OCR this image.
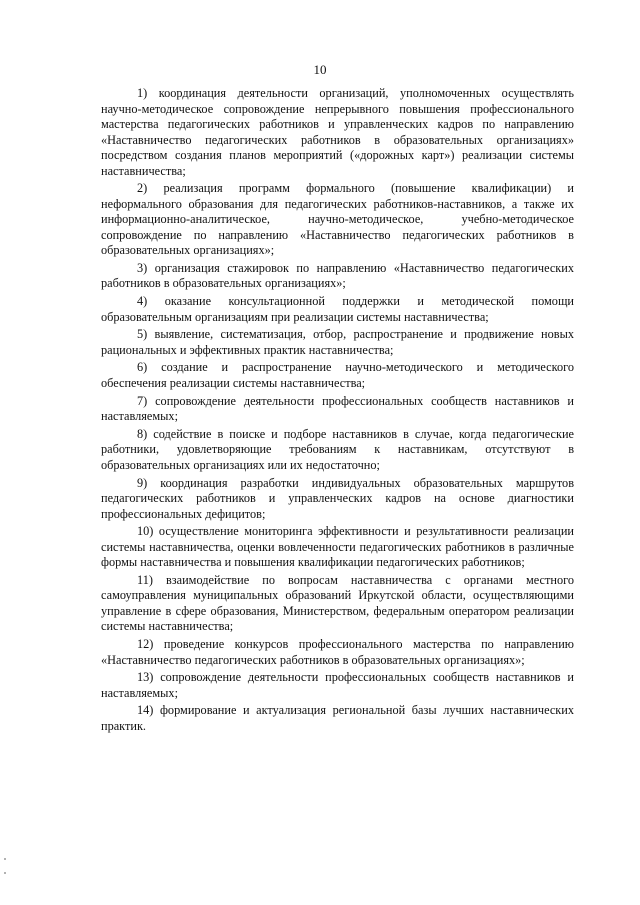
10

1) координация деятельности организаций, уполномоченных осуществлять научно-методическое сопровождение непрерывного повышения профессионального мастерства педагогических работников и управленческих кадров по направлению «Наставничество педагогических работников в образовательных организациях» посредством создания планов мероприятий («дорожных карт») реализации системы наставничества;

2) реализация программ формального (повышение квалификации) и неформального образования для педагогических работников-наставников, а также их информационно-аналитическое, научно-методическое, учебно-методическое сопровождение по направлению «Наставничество педагогических работников в образовательных организациях»;

3) организация стажировок по направлению «Наставничество педагогических работников в образовательных организациях»;

4) оказание консультационной поддержки и методической помощи образовательным организациям при реализации системы наставничества;

5) выявление, систематизация, отбор, распространение и продвижение новых рациональных и эффективных практик наставничества;

6) создание и распространение научно-методического и методического обеспечения реализации системы наставничества;

7) сопровождение деятельности профессиональных сообществ наставников и наставляемых;

8) содействие в поиске и подборе наставников в случае, когда педагогические работники, удовлетворяющие требованиям к наставникам, отсутствуют в образовательных организациях или их недостаточно;

9) координация разработки индивидуальных образовательных маршрутов педагогических работников и управленческих кадров на основе диагностики профессиональных дефицитов;

10) осуществление мониторинга эффективности и результативности реализации системы наставничества, оценки вовлеченности педагогических работников в различные формы наставничества и повышения квалификации педагогических работников;

11) взаимодействие по вопросам наставничества с органами местного самоуправления муниципальных образований Иркутской области, осуществляющими управление в сфере образования, Министерством, федеральным оператором реализации системы наставничества;

12) проведение конкурсов профессионального мастерства по направлению «Наставничество педагогических работников в образовательных организациях»;

13) сопровождение деятельности профессиональных сообществ наставников и наставляемых;

14) формирование и актуализация региональной базы лучших наставнических практик.
